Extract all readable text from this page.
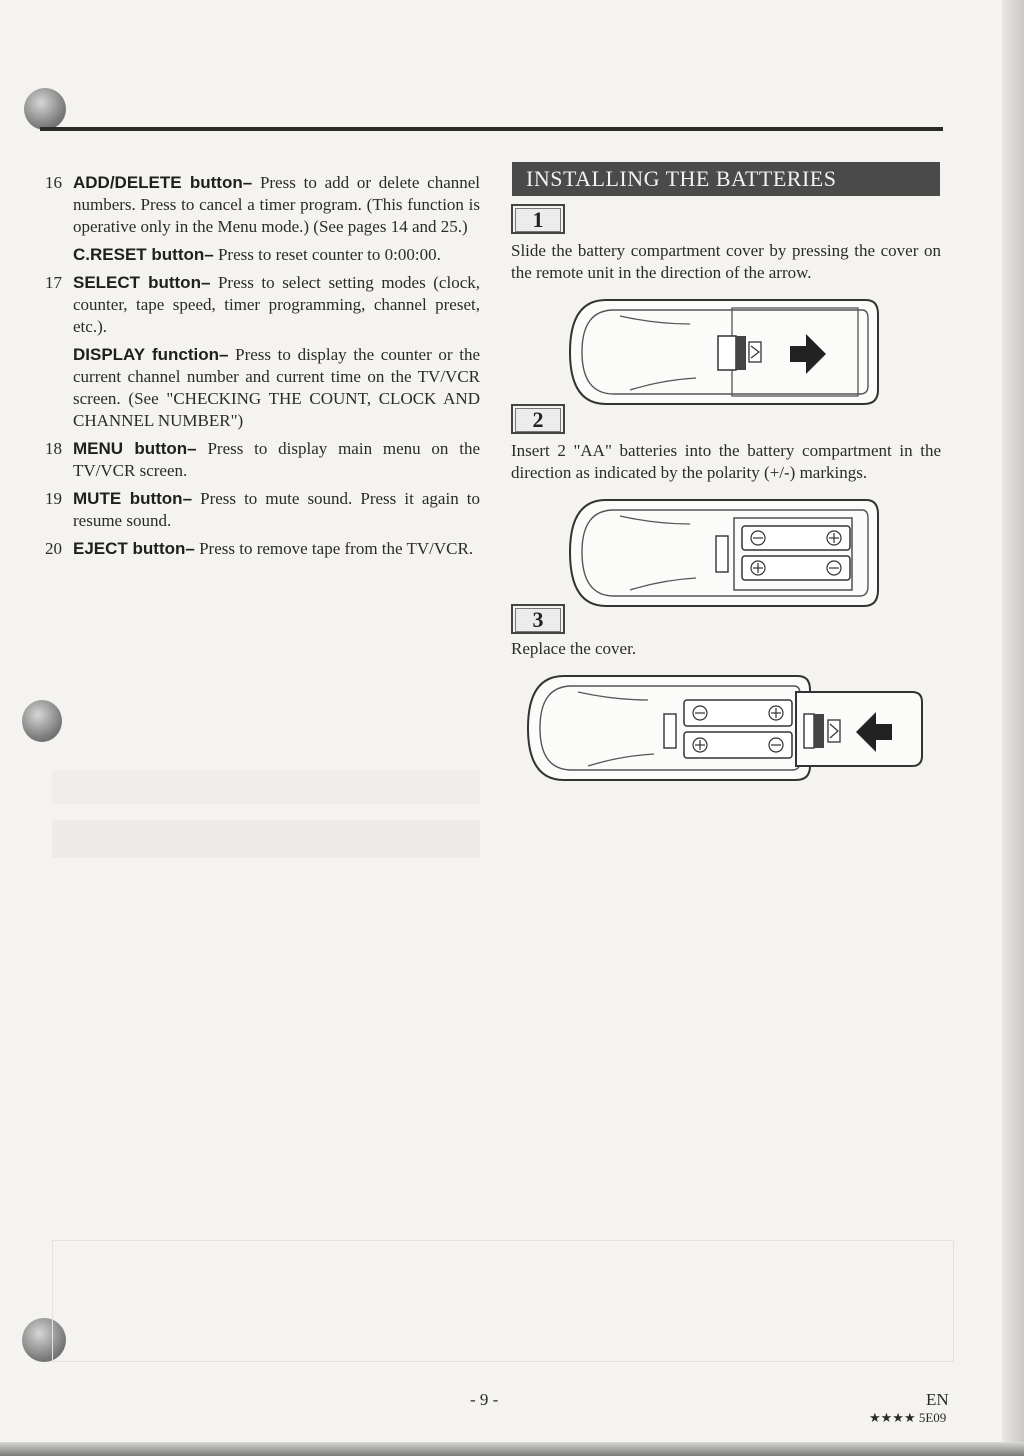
16 ADD/DELETE button– Press to add or delete channel numbers. Press to cancel a timer program. (This function is operative only in the Menu mode.) (See pages 14 and 25.)
C.RESET button– Press to reset counter to 0:00:00.
17 SELECT button– Press to select setting modes (clock, counter, tape speed, timer programming, channel preset, etc.).
DISPLAY function– Press to display the counter or the current channel number and current time on the TV/VCR screen. (See "CHECKING THE COUNT, CLOCK AND CHANNEL NUMBER")
18 MENU button– Press to display main menu on the TV/VCR screen.
19 MUTE button– Press to mute sound. Press it again to resume sound.
20 EJECT button– Press to remove tape from the TV/VCR.
INSTALLING THE BATTERIES
1
Slide the battery compartment cover by pressing the cover on the remote unit in the direction of the arrow.
2
Insert 2 "AA" batteries into the battery compartment in the direction as indicated by the polarity (+/-) markings.
3
Replace the cover.
- 9 -	EN
★★★★ 5E09
